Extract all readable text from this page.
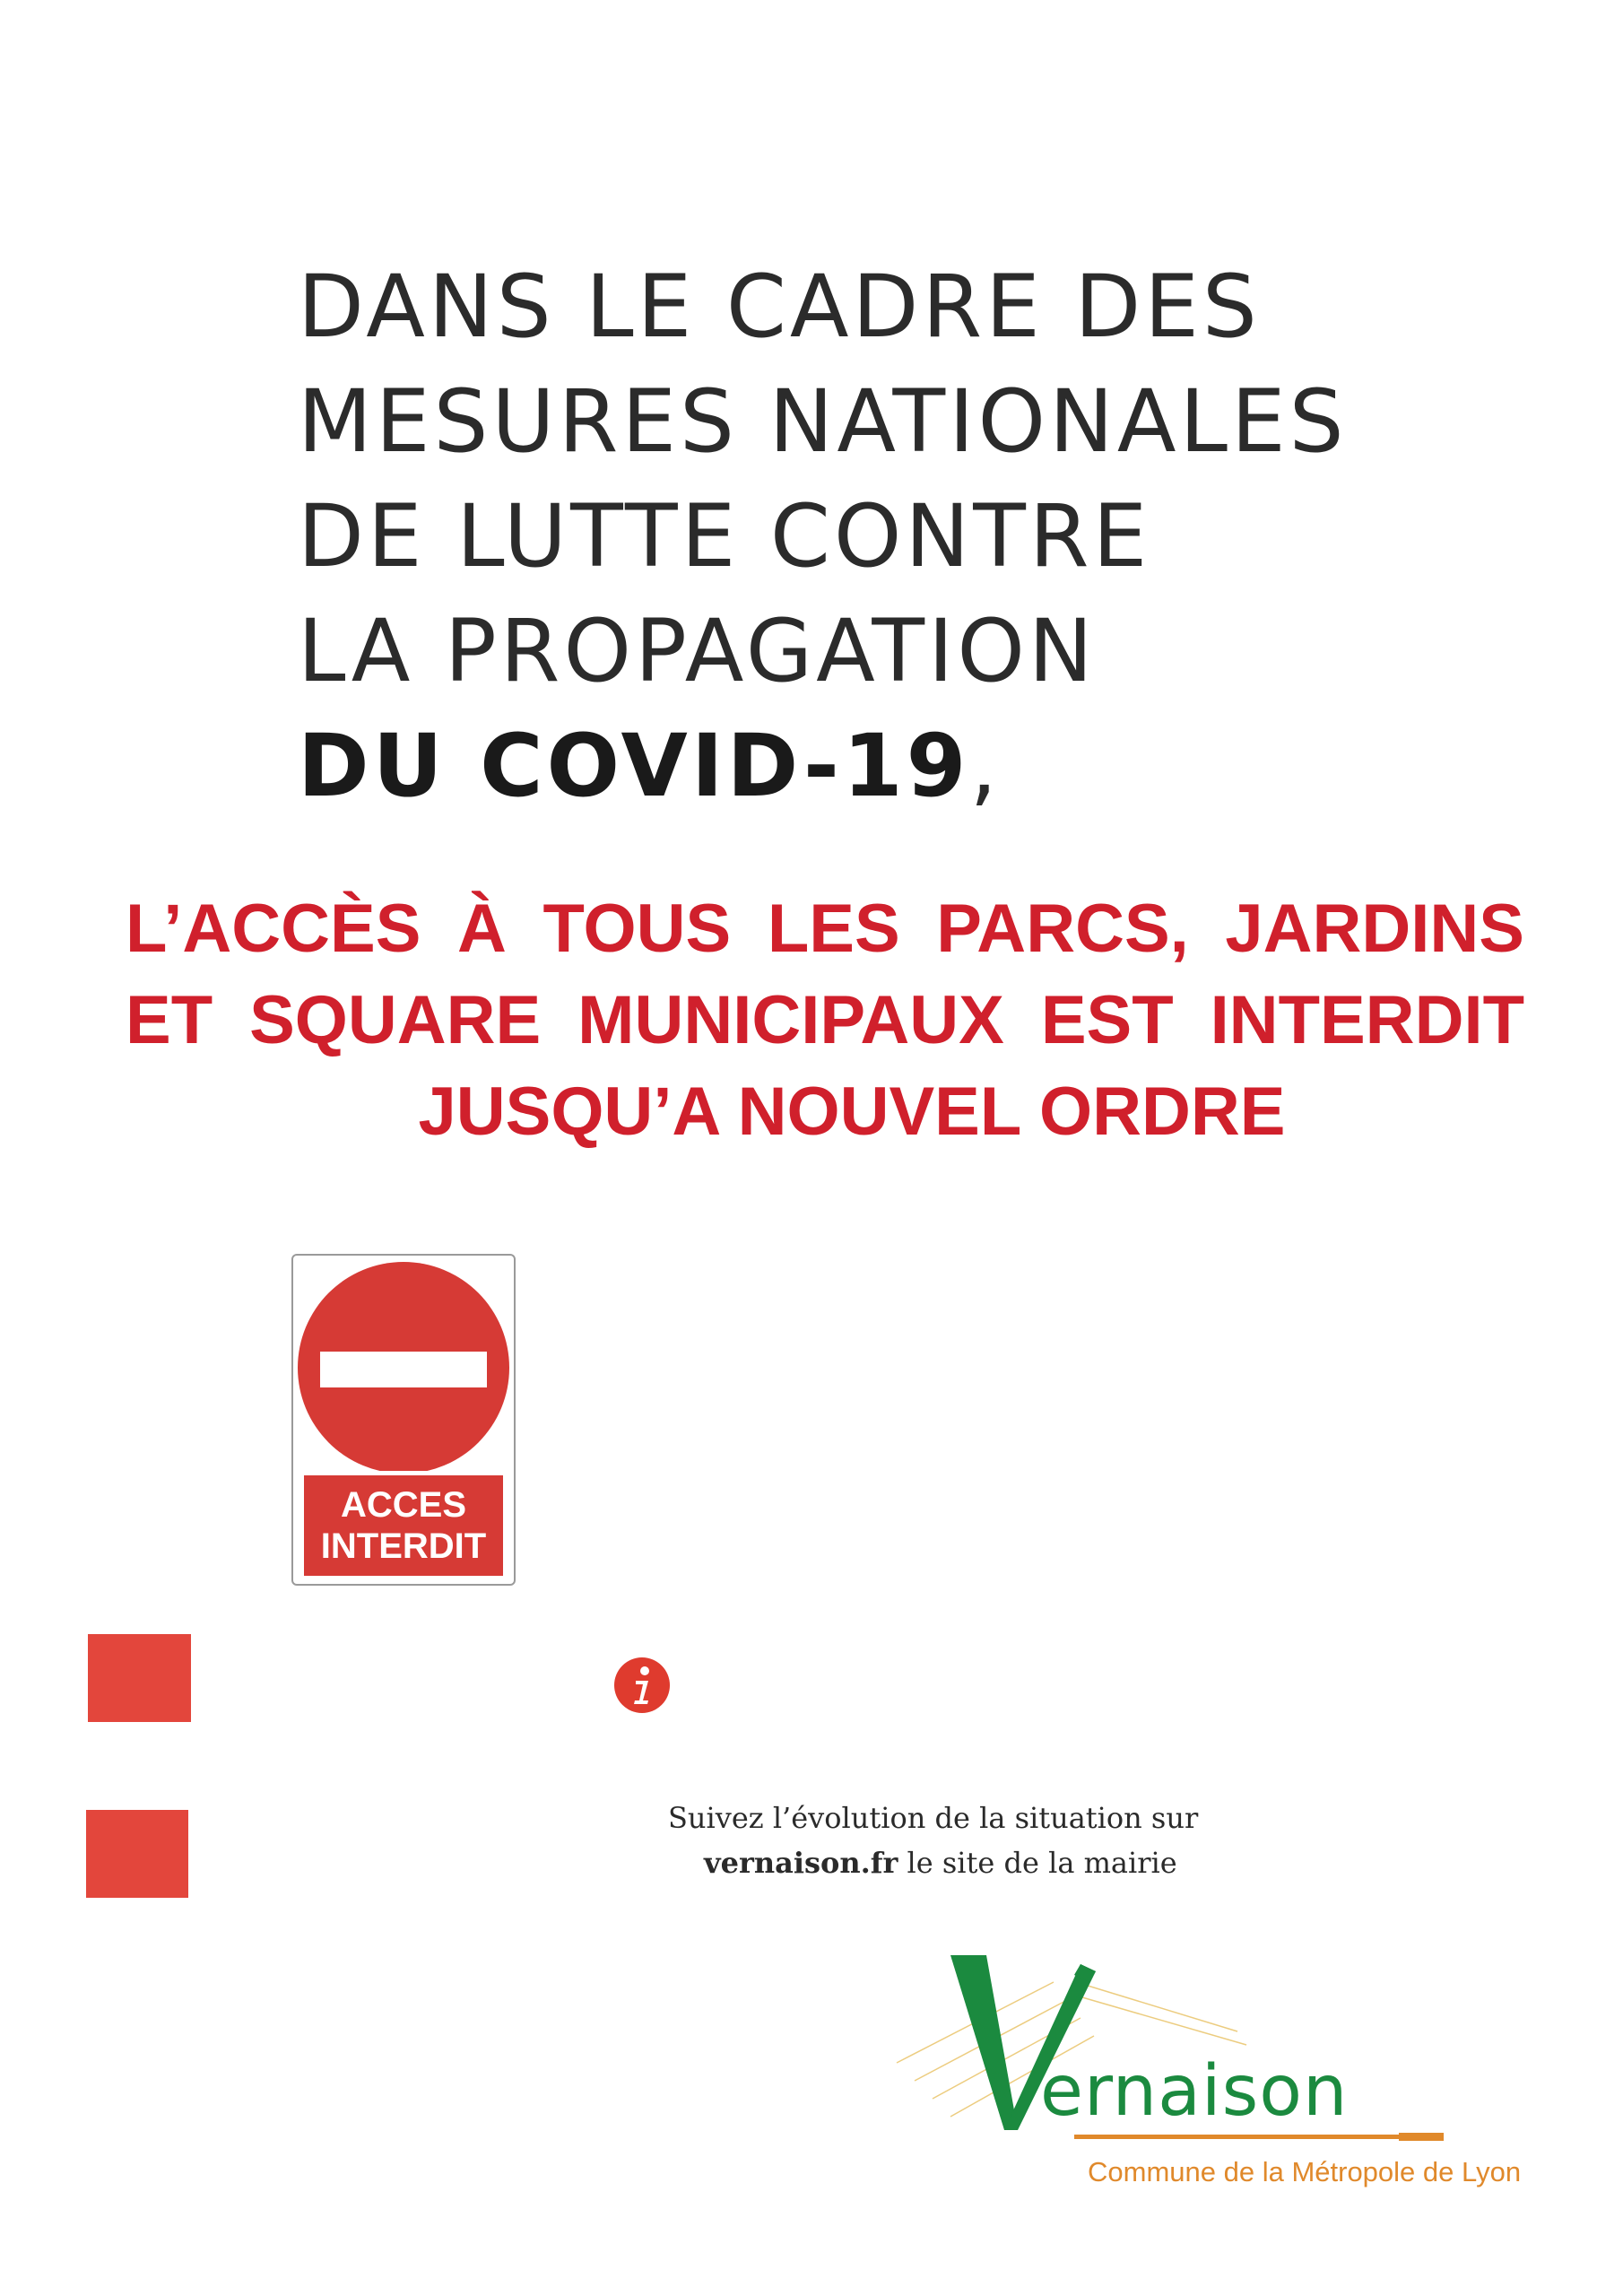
DANS LE CADRE DES
MESURES NATIONALES
DE LUTTE CONTRE
LA PROPAGATION
DU COVID-19,
L’ACCÈS À TOUS LES PARCS, JARDINS
ET SQUARE MUNICIPAUX EST INTERDIT
JUSQU’A NOUVEL ORDRE
ACCES
INTERDIT
Suivez l’évolution de la situation sur
vernaison.fr le site de la mairie
ernaison
Commune de la Métropole de Lyon
